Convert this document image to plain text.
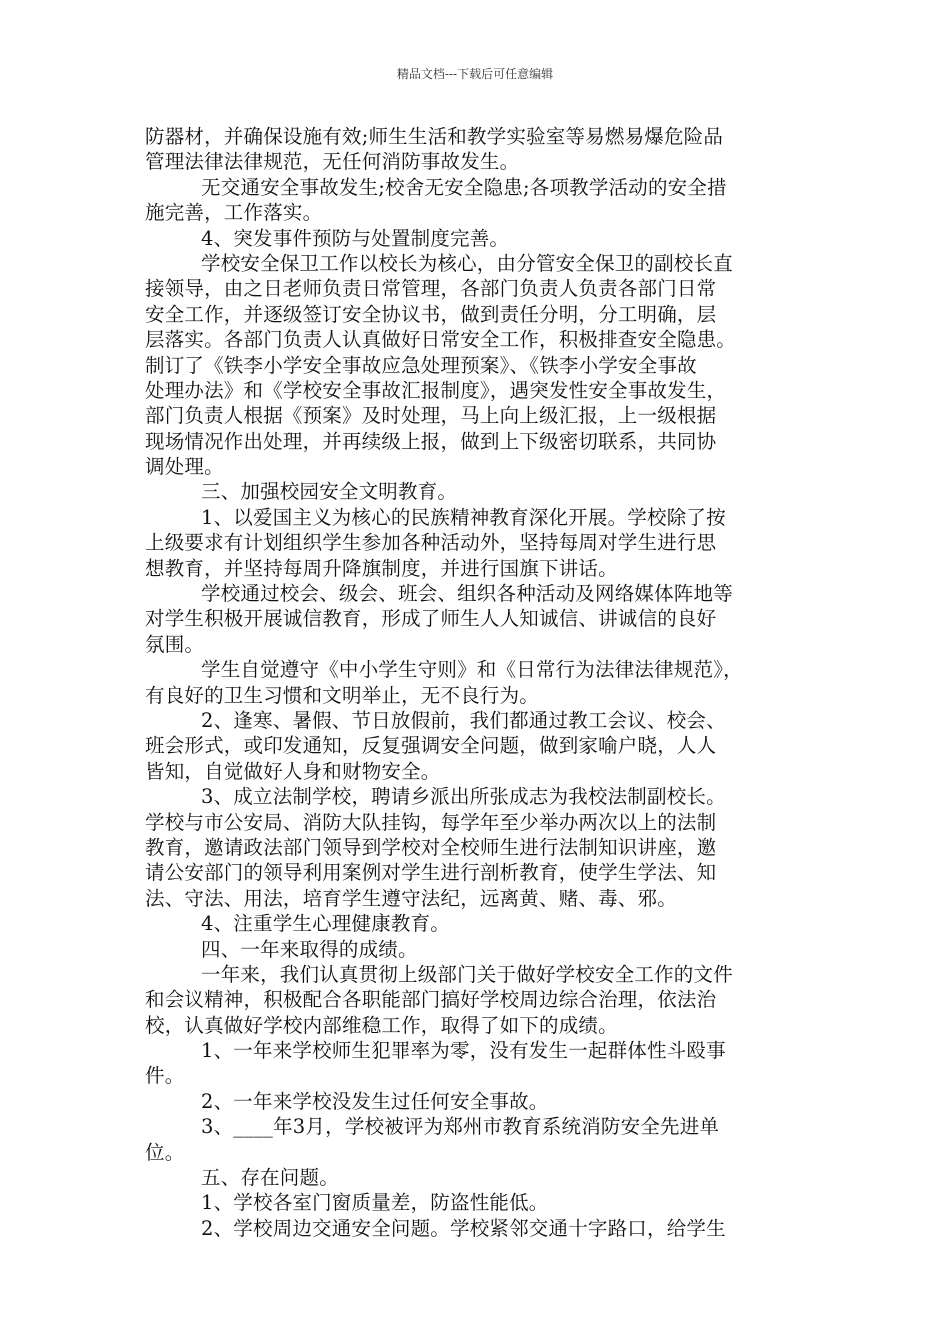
精品文档---下载后可任意编辑
防器材，并确保设施有效;师生生活和教学实验室等易燃易爆危险品
管理法律法律规范，无任何消防事故发生。
无交通安全事故发生;校舍无安全隐患;各项教学活动的安全措
施完善，工作落实。
4、突发事件预防与处置制度完善。
学校安全保卫工作以校长为核心，由分管安全保卫的副校长直
接领导，由之日老师负责日常管理，各部门负责人负责各部门日常
安全工作，并逐级签订安全协议书，做到责任分明，分工明确，层
层落实。各部门负责人认真做好日常安全工作，积极排查安全隐患。
制订了《铁李小学安全事故应急处理预案》、《铁李小学安全事故
处理办法》和《学校安全事故汇报制度》，遇突发性安全事故发生，
部门负责人根据《预案》及时处理，马上向上级汇报，上一级根据
现场情况作出处理，并再续级上报，做到上下级密切联系，共同协
调处理。
三、加强校园安全文明教育。
1、以爱国主义为核心的民族精神教育深化开展。学校除了按
上级要求有计划组织学生参加各种活动外，坚持每周对学生进行思
想教育，并坚持每周升降旗制度，并进行国旗下讲话。
学校通过校会、级会、班会、组织各种活动及网络媒体阵地等
对学生积极开展诚信教育，形成了师生人人知诚信、讲诚信的良好
氛围。
学生自觉遵守《中小学生守则》和《日常行为法律法律规范》，
有良好的卫生习惯和文明举止，无不良行为。
2、逢寒、暑假、节日放假前，我们都通过教工会议、校会、
班会形式，或印发通知，反复强调安全问题，做到家喻户晓，人人
皆知，自觉做好人身和财物安全。
3、成立法制学校，聘请乡派出所张成志为我校法制副校长。
学校与市公安局、消防大队挂钩，每学年至少举办两次以上的法制
教育，邀请政法部门领导到学校对全校师生进行法制知识讲座，邀
请公安部门的领导利用案例对学生进行剖析教育，使学生学法、知
法、守法、用法，培育学生遵守法纪，远离黄、赌、毒、邪。
4、注重学生心理健康教育。
四、一年来取得的成绩。
一年来，我们认真贯彻上级部门关于做好学校安全工作的文件
和会议精神，积极配合各职能部门搞好学校周边综合治理，依法治
校，认真做好学校内部维稳工作，取得了如下的成绩。
1、一年来学校师生犯罪率为零，没有发生一起群体性斗殴事
件。
2、一年来学校没发生过任何安全事故。
3、____年3月，学校被评为郑州市教育系统消防安全先进单
位。
五、存在问题。
1、学校各室门窗质量差，防盗性能低。
2、学校周边交通安全问题。学校紧邻交通十字路口，给学生
